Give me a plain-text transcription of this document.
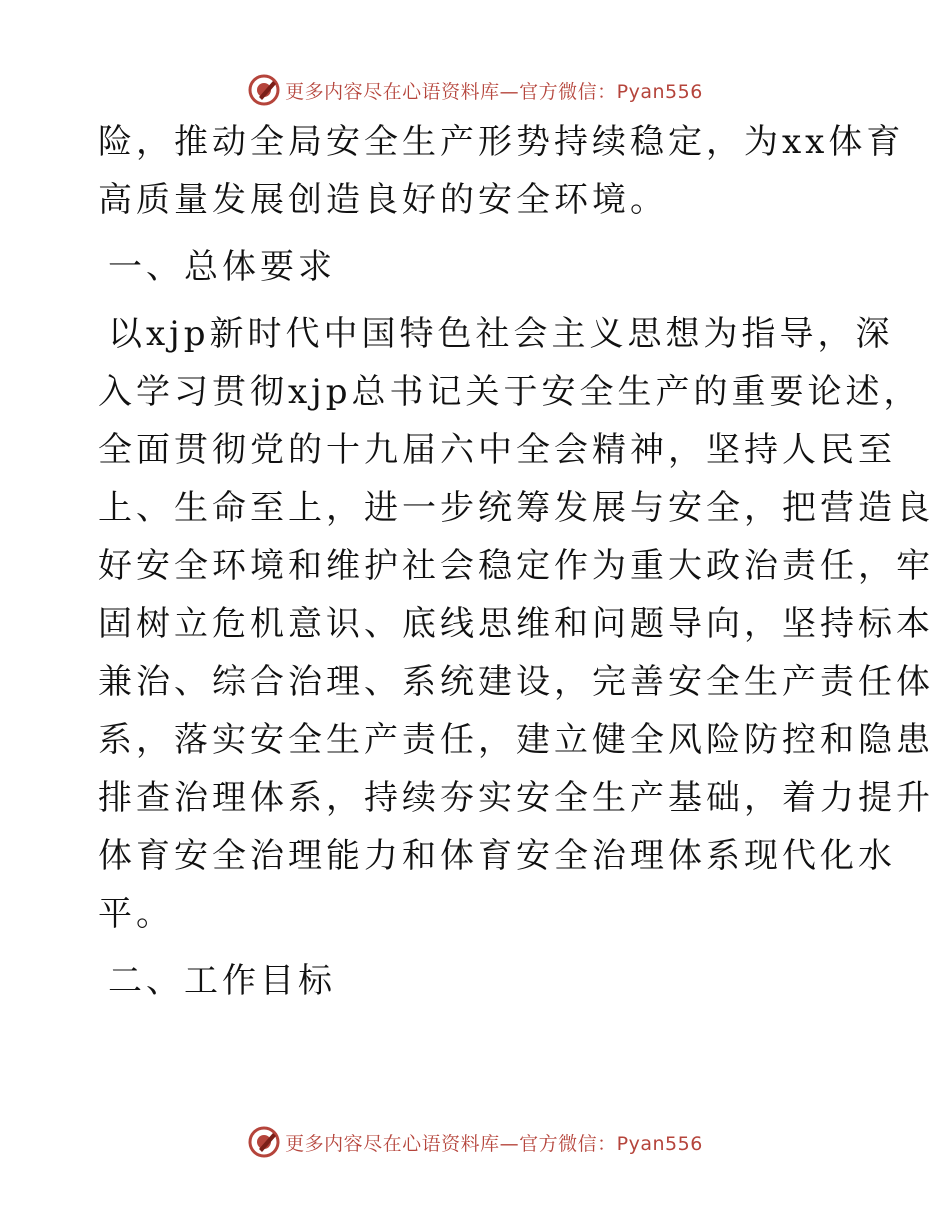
更多内容尽在心语资料库—官方微信：Pyan556
险，推动全局安全生产形势持续稳定，为xx体育
高质量发展创造良好的安全环境。
一、总体要求
以xjp新时代中国特色社会主义思想为指导，深
入学习贯彻xjp总书记关于安全生产的重要论述，
全面贯彻党的十九届六中全会精神，坚持人民至
上、生命至上，进一步统筹发展与安全，把营造良
好安全环境和维护社会稳定作为重大政治责任，牢
固树立危机意识、底线思维和问题导向，坚持标本
兼治、综合治理、系统建设，完善安全生产责任体
系，落实安全生产责任，建立健全风险防控和隐患
排查治理体系，持续夯实安全生产基础，着力提升
体育安全治理能力和体育安全治理体系现代化水
平。
二、工作目标
更多内容尽在心语资料库—官方微信：Pyan556
